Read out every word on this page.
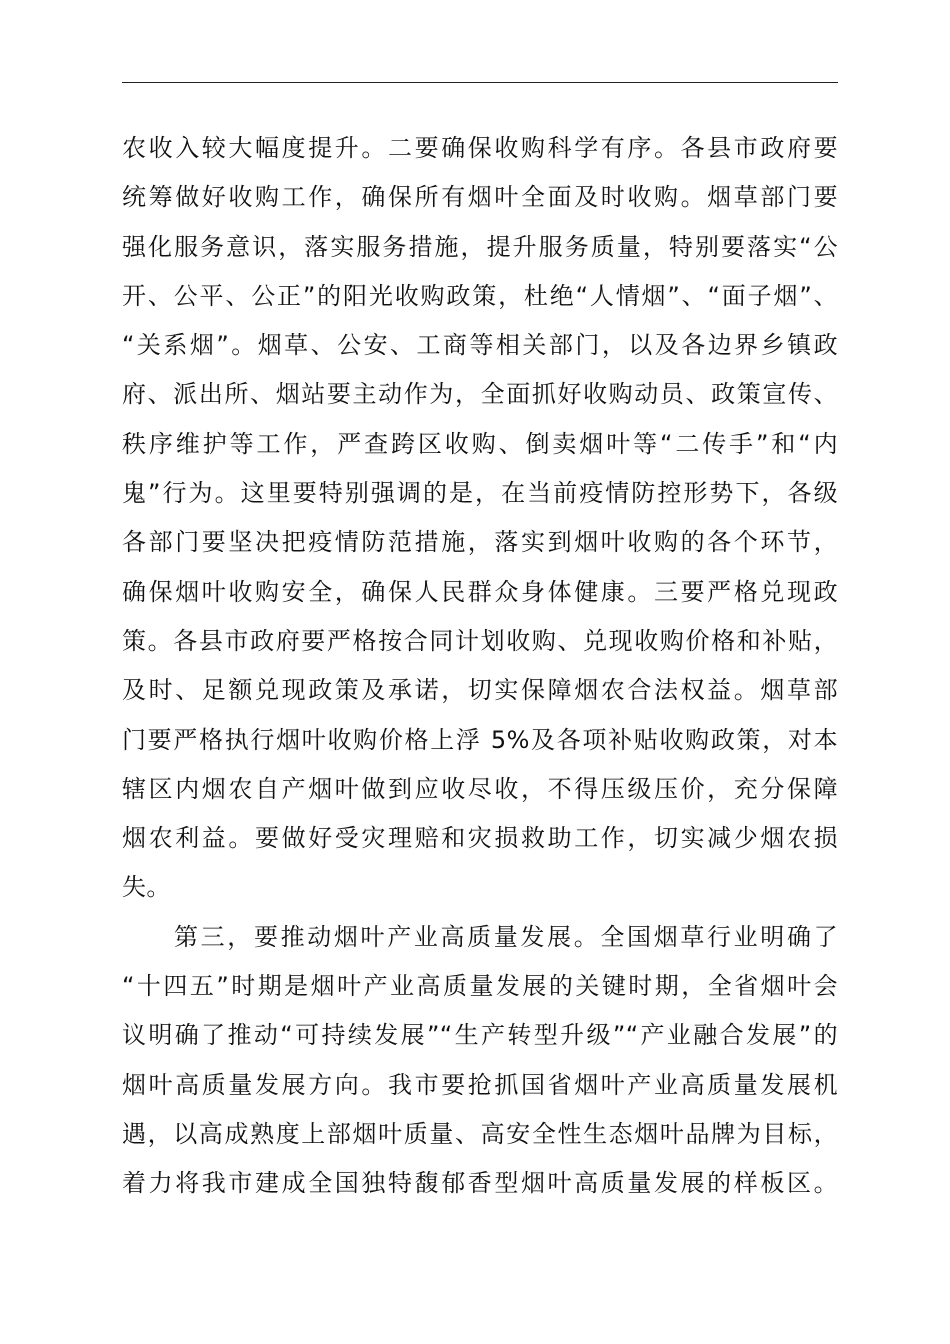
农收入较大幅度提升。二要确保收购科学有序。各县市政府要
统筹做好收购工作，确保所有烟叶全面及时收购。烟草部门要
强化服务意识，落实服务措施，提升服务质量，特别要落实“公
开、公平、公正”的阳光收购政策，杜绝“人情烟”、“面子烟”、
“关系烟”。烟草、公安、工商等相关部门，以及各边界乡镇政
府、派出所、烟站要主动作为，全面抓好收购动员、政策宣传、
秩序维护等工作，严查跨区收购、倒卖烟叶等“二传手”和“内
鬼”行为。这里要特别强调的是，在当前疫情防控形势下，各级
各部门要坚决把疫情防范措施，落实到烟叶收购的各个环节，
确保烟叶收购安全，确保人民群众身体健康。三要严格兑现政
策。各县市政府要严格按合同计划收购、兑现收购价格和补贴，
及时、足额兑现政策及承诺，切实保障烟农合法权益。烟草部
门要严格执行烟叶收购价格上浮 5%及各项补贴收购政策，对本
辖区内烟农自产烟叶做到应收尽收，不得压级压价，充分保障
烟农利益。要做好受灾理赔和灾损救助工作，切实减少烟农损
失。
第三，要推动烟叶产业高质量发展。全国烟草行业明确了
“十四五”时期是烟叶产业高质量发展的关键时期，全省烟叶会
议明确了推动“可持续发展”“生产转型升级”“产业融合发展”的
烟叶高质量发展方向。我市要抢抓国省烟叶产业高质量发展机
遇，以高成熟度上部烟叶质量、高安全性生态烟叶品牌为目标，
着力将我市建成全国独特馥郁香型烟叶高质量发展的样板区。
